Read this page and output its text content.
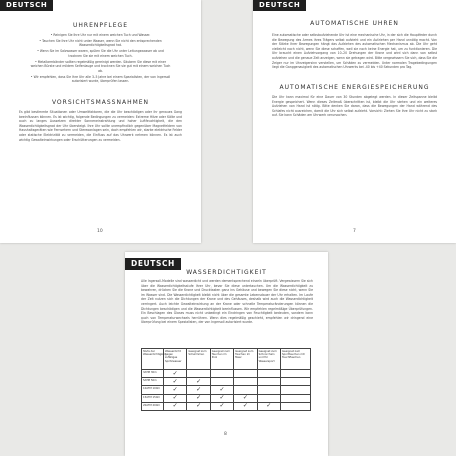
DEUTSCH
UHRENPFLEGE

• Reinigen Sie Ihre Uhr nur mit einem weichen Tuch und Wasser.

• Tauchen Sie Ihre Uhr nicht unter Wasser, wenn Sie nicht den entsprechenden Wasserdichtigkeitsgrad hat.

• Wenn Sie im Salzwasser waren, spülen Sie die Uhr unter Leitungswasser ab und trocknen Sie sie mit einem weichen Tuch.

• Metallarmbänder sollten regelmäßig gereinigt werden. Säubern Sie diese mit einer weichen Bürste und mildem Seifenlauge und trocknen Sie sie gut mit einem weichen Tuch ab.

• Wir empfehlen, dass Sie Ihre Uhr alle 3–5 Jahre bei einem Spezialisten, der von Ingersoll autorisiert wurde, überprüfen lassen.

VORSICHTSMASSNAHMEN
Es gibt bestimmte Situationen oder Umweltfaktoren, die die Uhr beschädigen oder ihr genaues Gang beeinflussen können. Es ist wichtig, folgende Bedingungen zu vermeiden: Extreme Hitze oder Kälte und auch zu langes Aussetzen direkter Sonneneinstrahlung und hoher Luftfeuchtigkeit, die den Wasserdichtigkeitsgrad der Uhr übersteigt. Ihre Uhr sollte unempfindlich gegenüber Magnetfeldern von Haushaltsgeräten wie Fernsehern und Stereoanlagen sein, doch empfehlen wir, starke elektrische Felder oder statische Elektrizität zu vermeiden, die Einfluss auf das Uhrwerk nehmen können. Es ist auch wichtig Gewalteinwirkungen oder Erschütterungen zu vermeiden.
10
DEUTSCH
AUTOMATISCHE UHREN
Eine automatische oder selbstaufziehende Uhr ist eine mechanische Uhr, in der sich die Hauptfeder durch die Bewegung des Armes ihres Trägers selbst aufzieht und ein Aufziehen per Hand unnötig macht. Von der Stärke Ihrer Bewegungen hängt das Aufziehen des automatischen Mechanismus ab. Die Uhr geht vielleicht noch nicht, wenn Sie diese schaffen, weil sie noch keine Energie hat, um zu funktionieren. Die Uhr braucht einen Aufziehvorgang von 10–20 Drehungen der Krone und wird sich dann von selbst aufziehen und die genaue Zeit anzeigen, wenn sie getragen wird. Bitte vergewissern Sie sich, dass Sie die Zeiger nur im Uhrzeigersinn verstellen, um Schäden zu vermeiden. Unter normalen Tragebedingungen liegt die Ganggenauigkeit des automatischen Uhrwerks bei -40 bis +40 Sekunden pro Tag.
AUTOMATISCHE ENERGIESPEICHERUNG
Die Uhr kann maximal für eine Dauer von 30 Stunden abgelegt werden. In dieser Zeitspanne bleibt Energie gespeichert. Wenn dieses Zeitmaß überschritten ist, bleibt die Uhr stehen und ein weiteres Aufziehen von Hand ist nötig. Bitte denken Sie daran, dass die Bewegungen der Hand während des Schlafes nicht ausreichen, damit die Uhr sich selbst aufzieht. Vorsicht: Ziehen Sie Ihre Uhr nicht zu stark auf. Sie kann Schäden am Uhrwerk verursachen.
7
DEUTSCH
WASSERDICHTIGKEIT
Alle Ingersoll-Modelle sind wasserdicht und werden dementsprechend einzeln überprüft. Vergewissern Sie sich über die Wasserdichtigkeitsstufe Ihrer Uhr, bevor Sie diese untertauchen. Um die Wasserdichtigkeit zu bewahren, drücken Sie die Krone und Drucktasten ganz ins Gehäuse und bewegen Sie diese nicht, wenn Sie im Wasser sind. Die Wasserdichtigkeit bleibt nicht über die gesamte Lebensdauer der Uhr erhalten. Im Laufe der Zeit nutzen sich die Dichtungen der Krone und des Gehäuses, deshalb wird auch die Wasserdichtigkeit verringert. Auch leichte Gewalteinwirkung an der Krone oder schnelle Temperaturänderungen können die Dichtungen beschädigen und die Wasserdichtigkeit beeinflussen. Wir empfehlen regelmäßige Überprüfungen. Ein Beschlagen des Glases muss nicht unbedingt ein Eindringen von Feuchtigkeit bedeuten, sondern kann auch von Temperaturwechsels herrühren. Wenn dies regelmäßig geschieht, empfehlen wir dringend eine Überprüfung bei einem Spezialisten, der von Ingersoll autorisiert wurde.
Stufe der Wasserdichtigkeit	Wasserdicht gegen zufälliges Spritzwasser	Geeignet zum Schwimmen	Geeignet zum Tauchen im Pool	Geeignet zum Tauchen im Meer	Geeignet zum Schnorcheln und für Wassersport	Geeignet zum Sporttauchen mit Tauchflaschen
3ATM 30m	✓					
5ATM 50m	✓	✓				
10ATM 100m	✓	✓	✓			
15ATM 150m	✓	✓	✓	✓		
20ATM 200m	✓	✓	✓	✓	✓	
8
